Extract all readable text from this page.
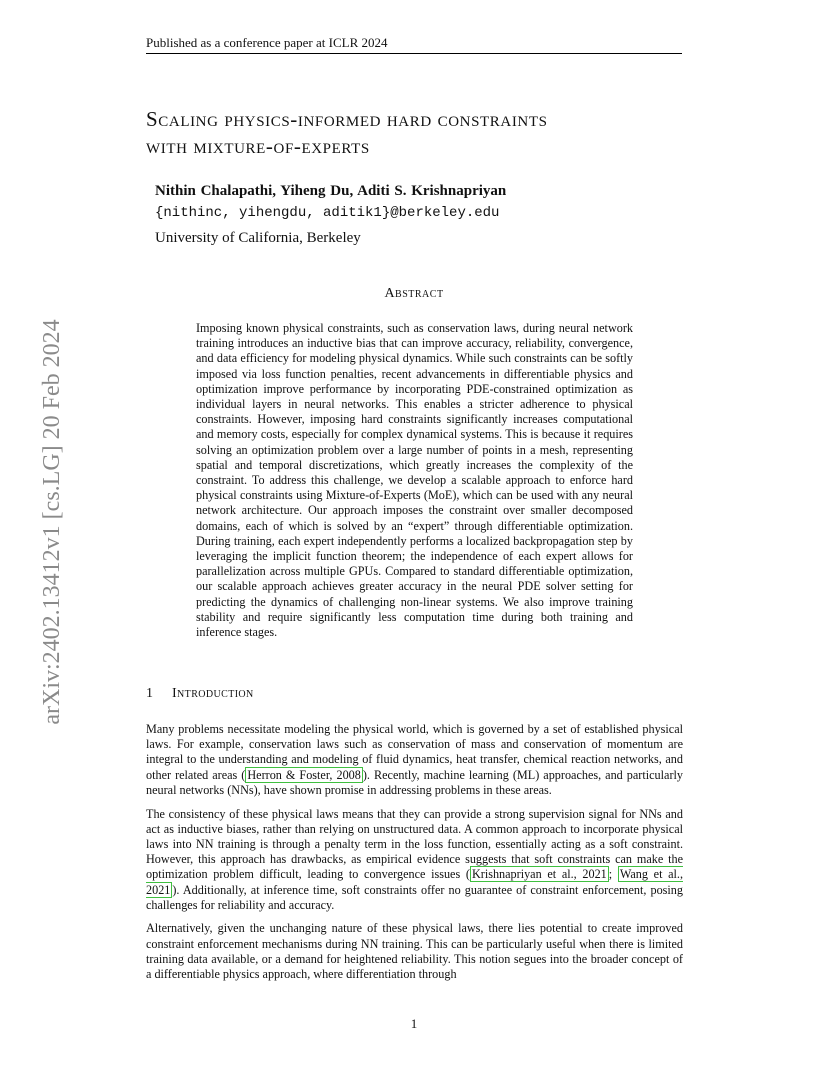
Published as a conference paper at ICLR 2024
arXiv:2402.13412v1 [cs.LG] 20 Feb 2024
Scaling physics-informed hard constraints
with mixture-of-experts
Nithin Chalapathi, Yiheng Du, Aditi S. Krishnapriyan
{nithinc, yihengdu, aditik1}@berkeley.edu
University of California, Berkeley
Abstract

Imposing known physical constraints, such as conservation laws, during neural network training introduces an inductive bias that can improve accuracy, reliability, convergence, and data efficiency for modeling physical dynamics. While such constraints can be softly imposed via loss function penalties, recent advancements in differentiable physics and optimization improve performance by incorporating PDE-constrained optimization as individual layers in neural networks. This enables a stricter adherence to physical constraints. However, imposing hard constraints significantly increases computational and memory costs, especially for complex dynamical systems. This is because it requires solving an optimization problem over a large number of points in a mesh, representing spatial and temporal discretizations, which greatly increases the complexity of the constraint. To address this challenge, we develop a scalable approach to enforce hard physical constraints using Mixture-of-Experts (MoE), which can be used with any neural network architecture. Our approach imposes the constraint over smaller decomposed domains, each of which is solved by an “expert” through differentiable optimization. During training, each expert independently performs a localized backpropagation step by leveraging the implicit function theorem; the independence of each expert allows for parallelization across multiple GPUs. Compared to standard differentiable optimization, our scalable approach achieves greater accuracy in the neural PDE solver setting for predicting the dynamics of challenging non-linear systems. We also improve training stability and require significantly less computation time during both training and inference stages.

1 Introduction

Many problems necessitate modeling the physical world, which is governed by a set of established physical laws. For example, conservation laws such as conservation of mass and conservation of momentum are integral to the understanding and modeling of fluid dynamics, heat transfer, chemical reaction networks, and other related areas ( Herron & Foster, 2008 ). Recently, machine learning (ML) approaches, and particularly neural networks (NNs), have shown promise in addressing problems in these areas.

The consistency of these physical laws means that they can provide a strong supervision signal for NNs and act as inductive biases, rather than relying on unstructured data. A common approach to incorporate physical laws into NN training is through a penalty term in the loss function, essentially acting as a soft constraint. However, this approach has drawbacks, as empirical evidence suggests that soft constraints can make the optimization problem difficult, leading to convergence issues ( Krishnapriyan et al., 2021 ; Wang et al., 2021 ). Additionally, at inference time, soft constraints offer no guarantee of constraint enforcement, posing challenges for reliability and accuracy.

Alternatively, given the unchanging nature of these physical laws, there lies potential to create improved constraint enforcement mechanisms during NN training. This can be particularly useful when there is limited training data available, or a demand for heightened reliability. This notion segues into the broader concept of a differentiable physics approach, where differentiation through

1
